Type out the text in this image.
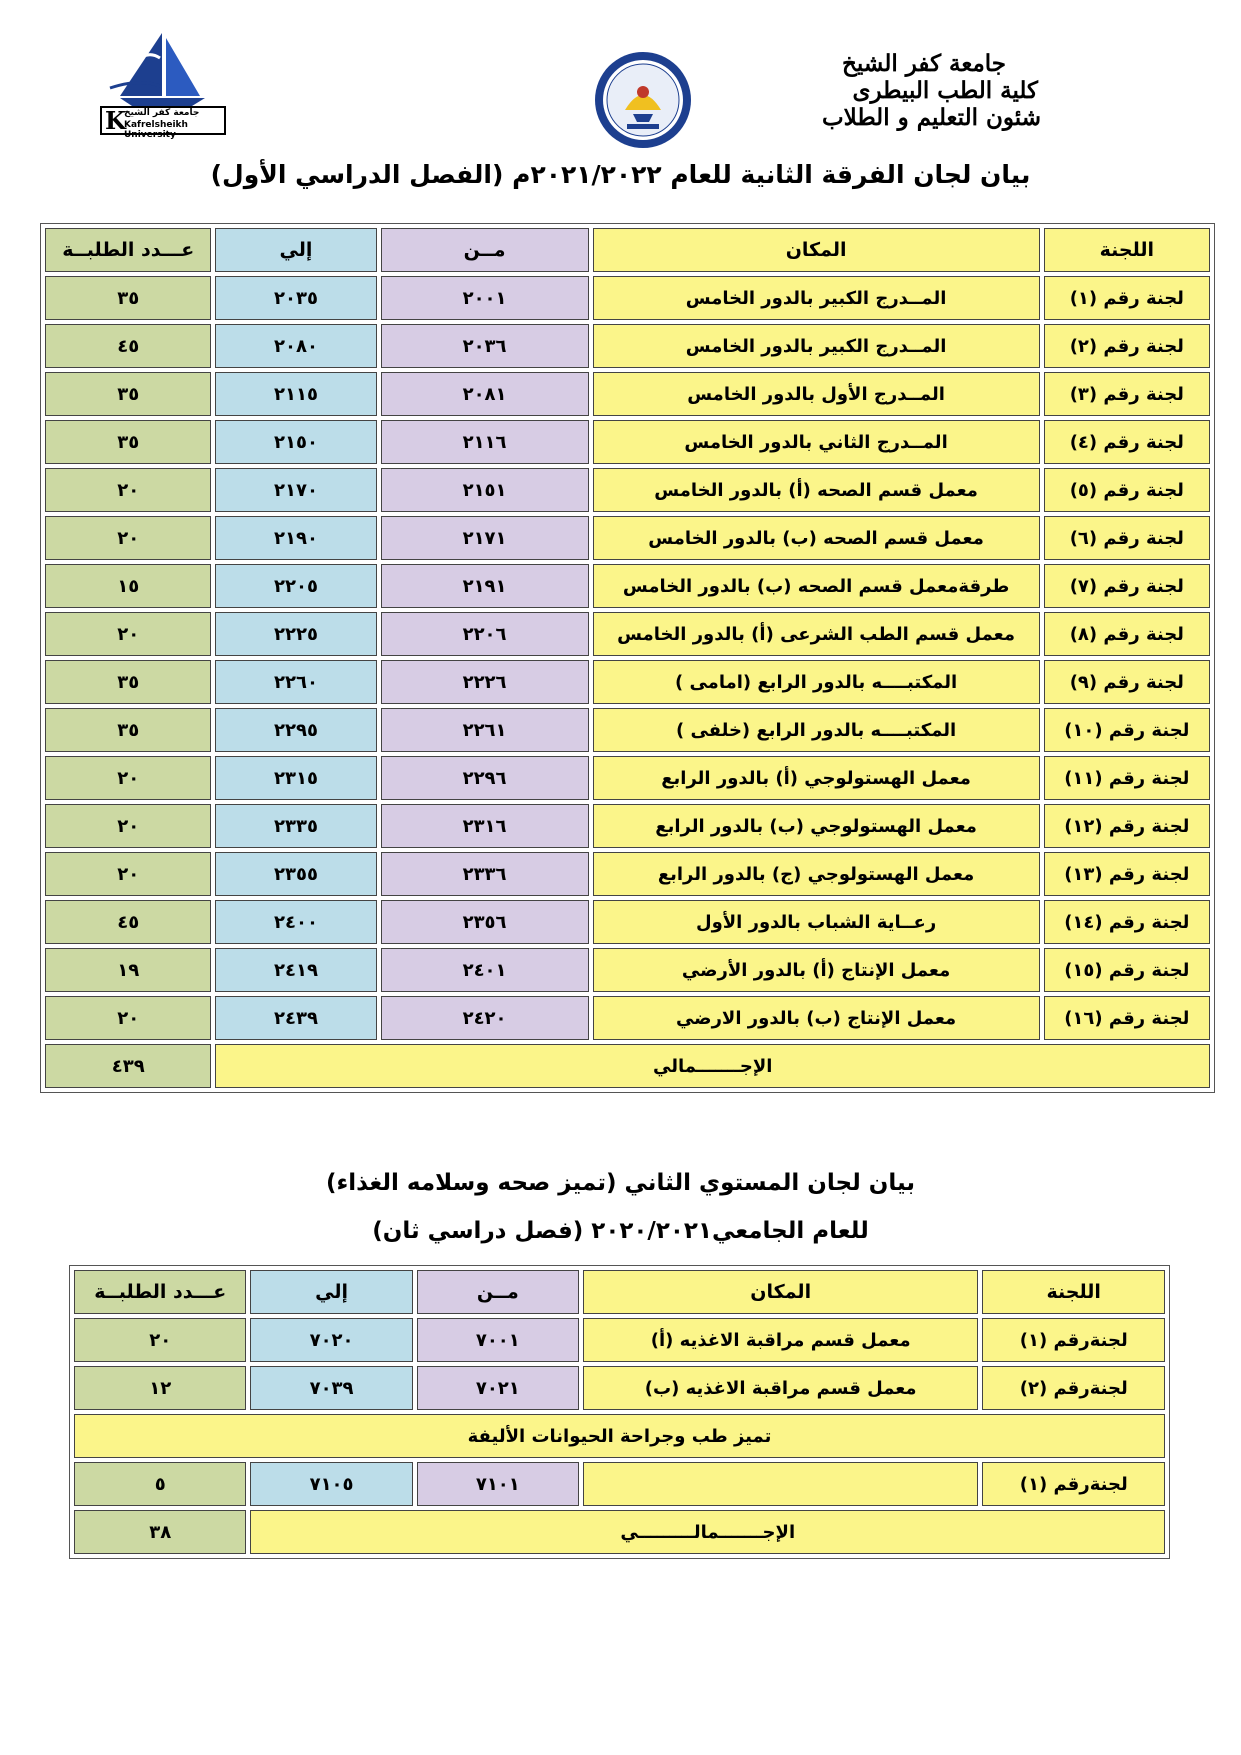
جامعة كفر الشيخ
كلية الطب البيطرى
شئون التعليم و الطلاب
K
جامعة كفر الشيخ
Kafrelsheikh University
بيان لجان الفرقة الثانية للعام ٢٠٢١/٢٠٢٢م (الفصل الدراسي الأول)
اللجنة	المكان	مــن	إلي	عـــدد الطلبــة
لجنة رقم (١)	المــدرج الكبير بالدور الخامس	٢٠٠١	٢٠٣٥	٣٥
لجنة رقم (٢)	المــدرج الكبير بالدور الخامس	٢٠٣٦	٢٠٨٠	٤٥
لجنة رقم (٣)	المــدرج الأول بالدور الخامس	٢٠٨١	٢١١٥	٣٥
لجنة رقم (٤)	المــدرج الثاني بالدور الخامس	٢١١٦	٢١٥٠	٣٥
لجنة رقم (٥)	معمل قسم الصحه (أ) بالدور الخامس	٢١٥١	٢١٧٠	٢٠
لجنة رقم (٦)	معمل قسم الصحه (ب) بالدور الخامس	٢١٧١	٢١٩٠	٢٠
لجنة رقم (٧)	طرقةمعمل قسم الصحه (ب) بالدور الخامس	٢١٩١	٢٢٠٥	١٥
لجنة رقم (٨)	معمل قسم الطب الشرعى (أ) بالدور الخامس	٢٢٠٦	٢٢٢٥	٢٠
لجنة رقم (٩)	المكتبــــه بالدور الرابع (امامى )	٢٢٢٦	٢٢٦٠	٣٥
لجنة رقم (١٠)	المكتبــــه بالدور الرابع (خلفى )	٢٢٦١	٢٢٩٥	٣٥
لجنة رقم (١١)	معمل الهستولوجي (أ) بالدور الرابع	٢٢٩٦	٢٣١٥	٢٠
لجنة رقم (١٢)	معمل الهستولوجي (ب) بالدور الرابع	٢٣١٦	٢٣٣٥	٢٠
لجنة رقم (١٣)	معمل الهستولوجي (ج) بالدور الرابع	٢٣٣٦	٢٣٥٥	٢٠
لجنة رقم (١٤)	رعــاية الشباب بالدور الأول	٢٣٥٦	٢٤٠٠	٤٥
لجنة رقم (١٥)	معمل الإنتاج (أ) بالدور الأرضي	٢٤٠١	٢٤١٩	١٩
لجنة رقم (١٦)	معمل الإنتاج (ب) بالدور الارضي	٢٤٢٠	٢٤٣٩	٢٠
الإجـــــــمالي				٤٣٩
بيان لجان المستوي الثاني (تميز صحه وسلامه الغذاء)
للعام الجامعي٢٠٢٠/٢٠٢١ (فصل دراسي ثان)
اللجنة	المكان	مــن	إلي	عـــدد الطلبــة
لجنةرقم (١)	معمل قسم مراقبة الاغذيه (أ)	٧٠٠١	٧٠٢٠	٢٠
لجنةرقم (٢)	معمل قسم مراقبة الاغذيه (ب)	٧٠٢١	٧٠٣٩	١٢
تميز طب وجراحة الحيوانات الأليفة				
لجنةرقم (١)		٧١٠١	٧١٠٥	٥
الإجـــــــمالـــــــــي				٣٨
